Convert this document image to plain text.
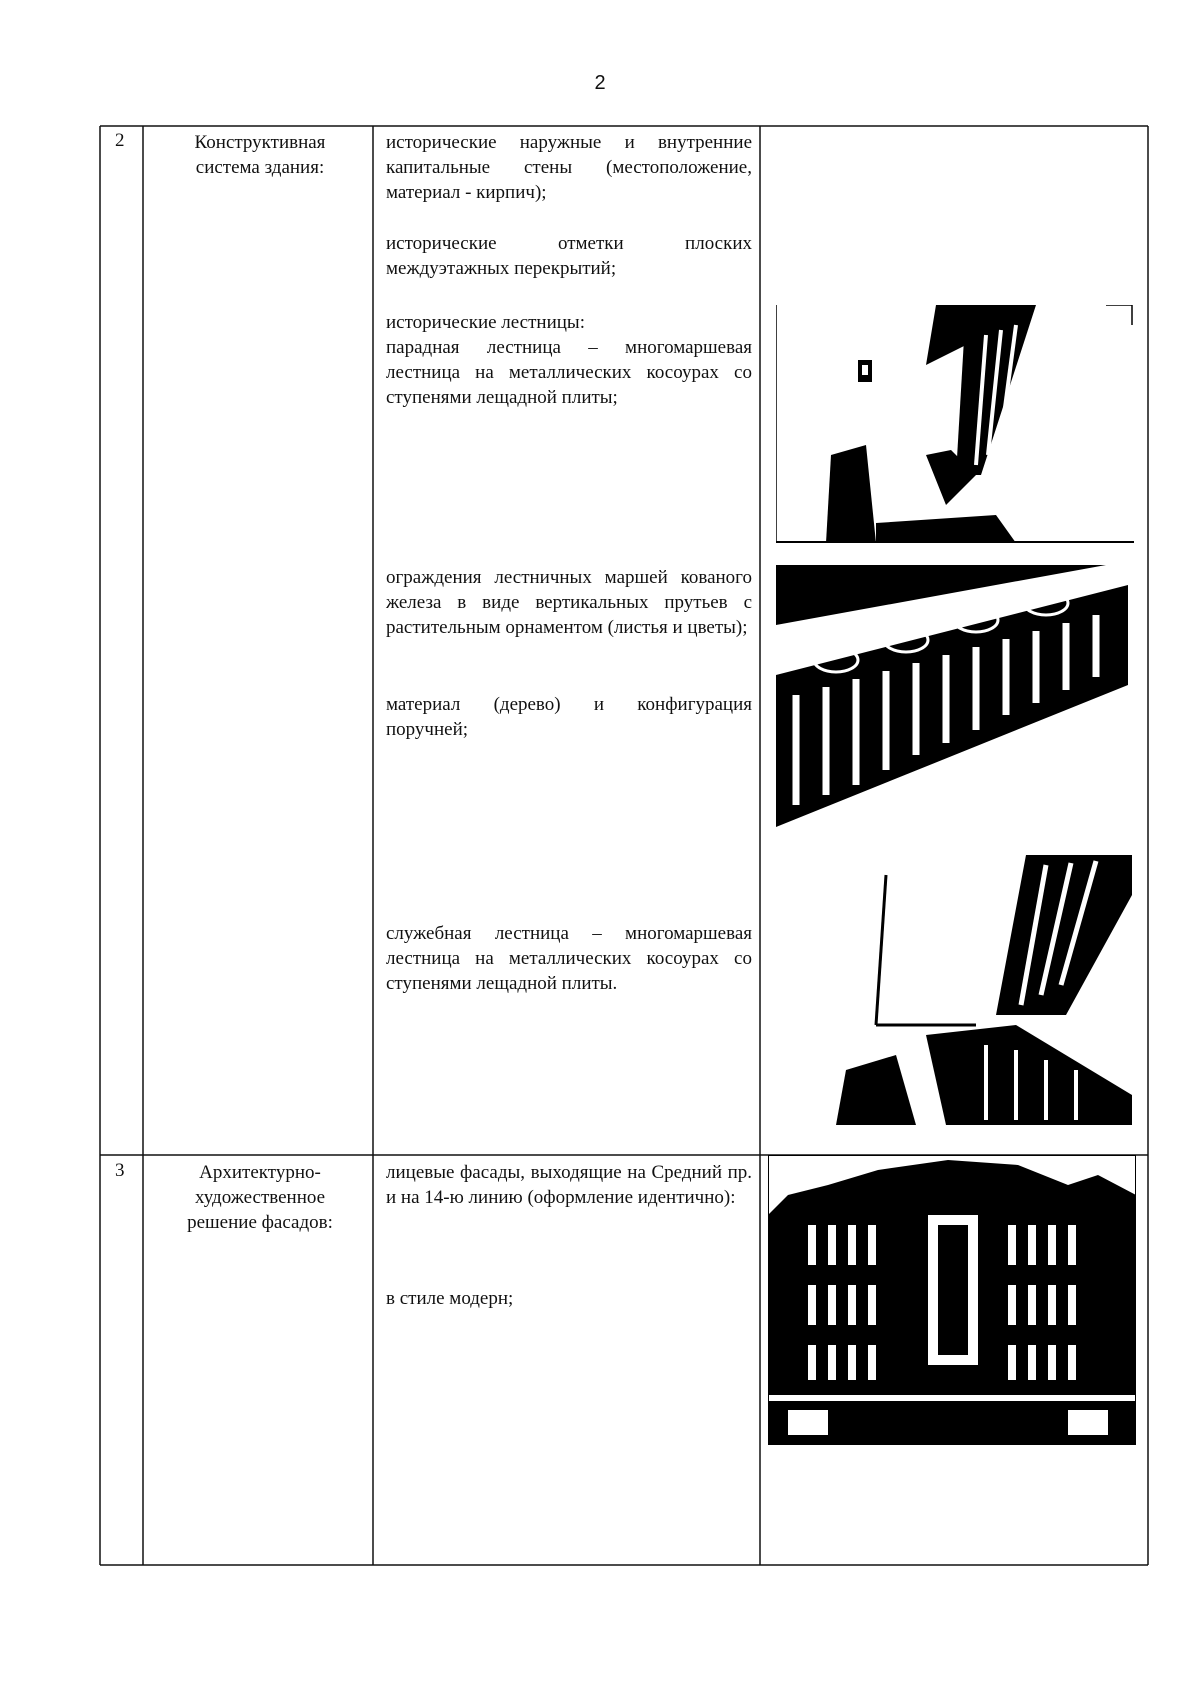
2
2	Конструктивная
система здания:
исторические наружные и внутренние капитальные стены (местоположение, материал - кирпич);
исторические отметки плоских междуэтажных перекрытий;
исторические лестницы:
парадная лестница – многомаршевая лестница на металлических косоурах со ступенями лещадной плиты;
ограждения лестничных маршей кованого железа в виде вертикальных прутьев с растительным орнаментом (листья и цветы);
материал (дерево) и конфигурация поручней;
служебная лестница – многомаршевая лестница на металлических косоурах со ступенями лещадной плиты.
3	Архитектурно-
художественное
решение фасадов:
лицевые фасады, выходящие на Средний пр. и на 14-ю линию (оформление идентично):
в стиле модерн;
